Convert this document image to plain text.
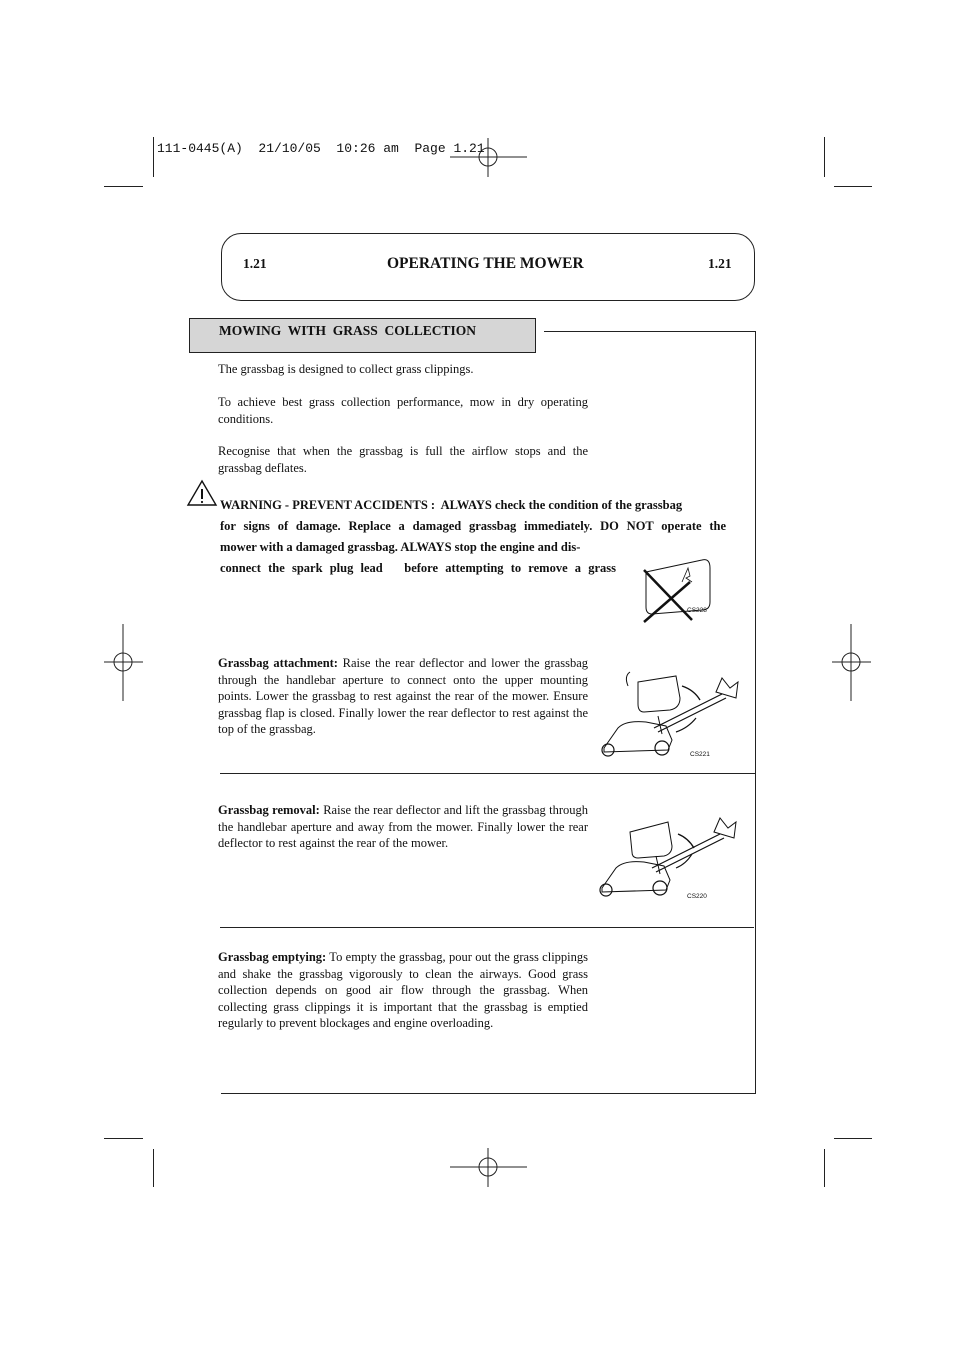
111-0445(A)  21/10/05  10:26 am  Page 1.21
1.21	OPERATING THE MOWER	1.21
MOWING  WITH  GRASS  COLLECTION
The grassbag is designed to collect grass clippings.
To achieve best grass collection performance, mow in dry operating conditions.
Recognise that when the grassbag is full the airflow stops and the grassbag deflates.
WARNING - PREVENT ACCIDENTS :  ALWAYS check the condition of the grassbag
for signs of damage. Replace a damaged grassbag immediately. DO NOT operate the
mower with a damaged grassbag. ALWAYS stop the engine and dis-
connect the spark plug lead   before attempting to remove a grass
CS228
Grassbag attachment: Raise the rear deflector and lower the grassbag through the handlebar aperture to connect onto the upper mounting points. Lower the grassbag to rest against the rear of the mower. Ensure grassbag flap is closed. Finally lower the rear deflector to rest against the top of the grassbag.
CS221
Grassbag removal: Raise the rear deflector and lift the grassbag through the handlebar aperture and away from the mower. Finally lower the rear deflector to rest against the rear of the mower.
CS220
Grassbag emptying: To empty the grassbag, pour out the grass clippings and shake the grassbag vigorously to clean the airways. Good grass collection depends on good air flow through the grassbag. When collecting grass clippings it is important that the grassbag is emptied regularly to prevent blockages and engine overloading.
